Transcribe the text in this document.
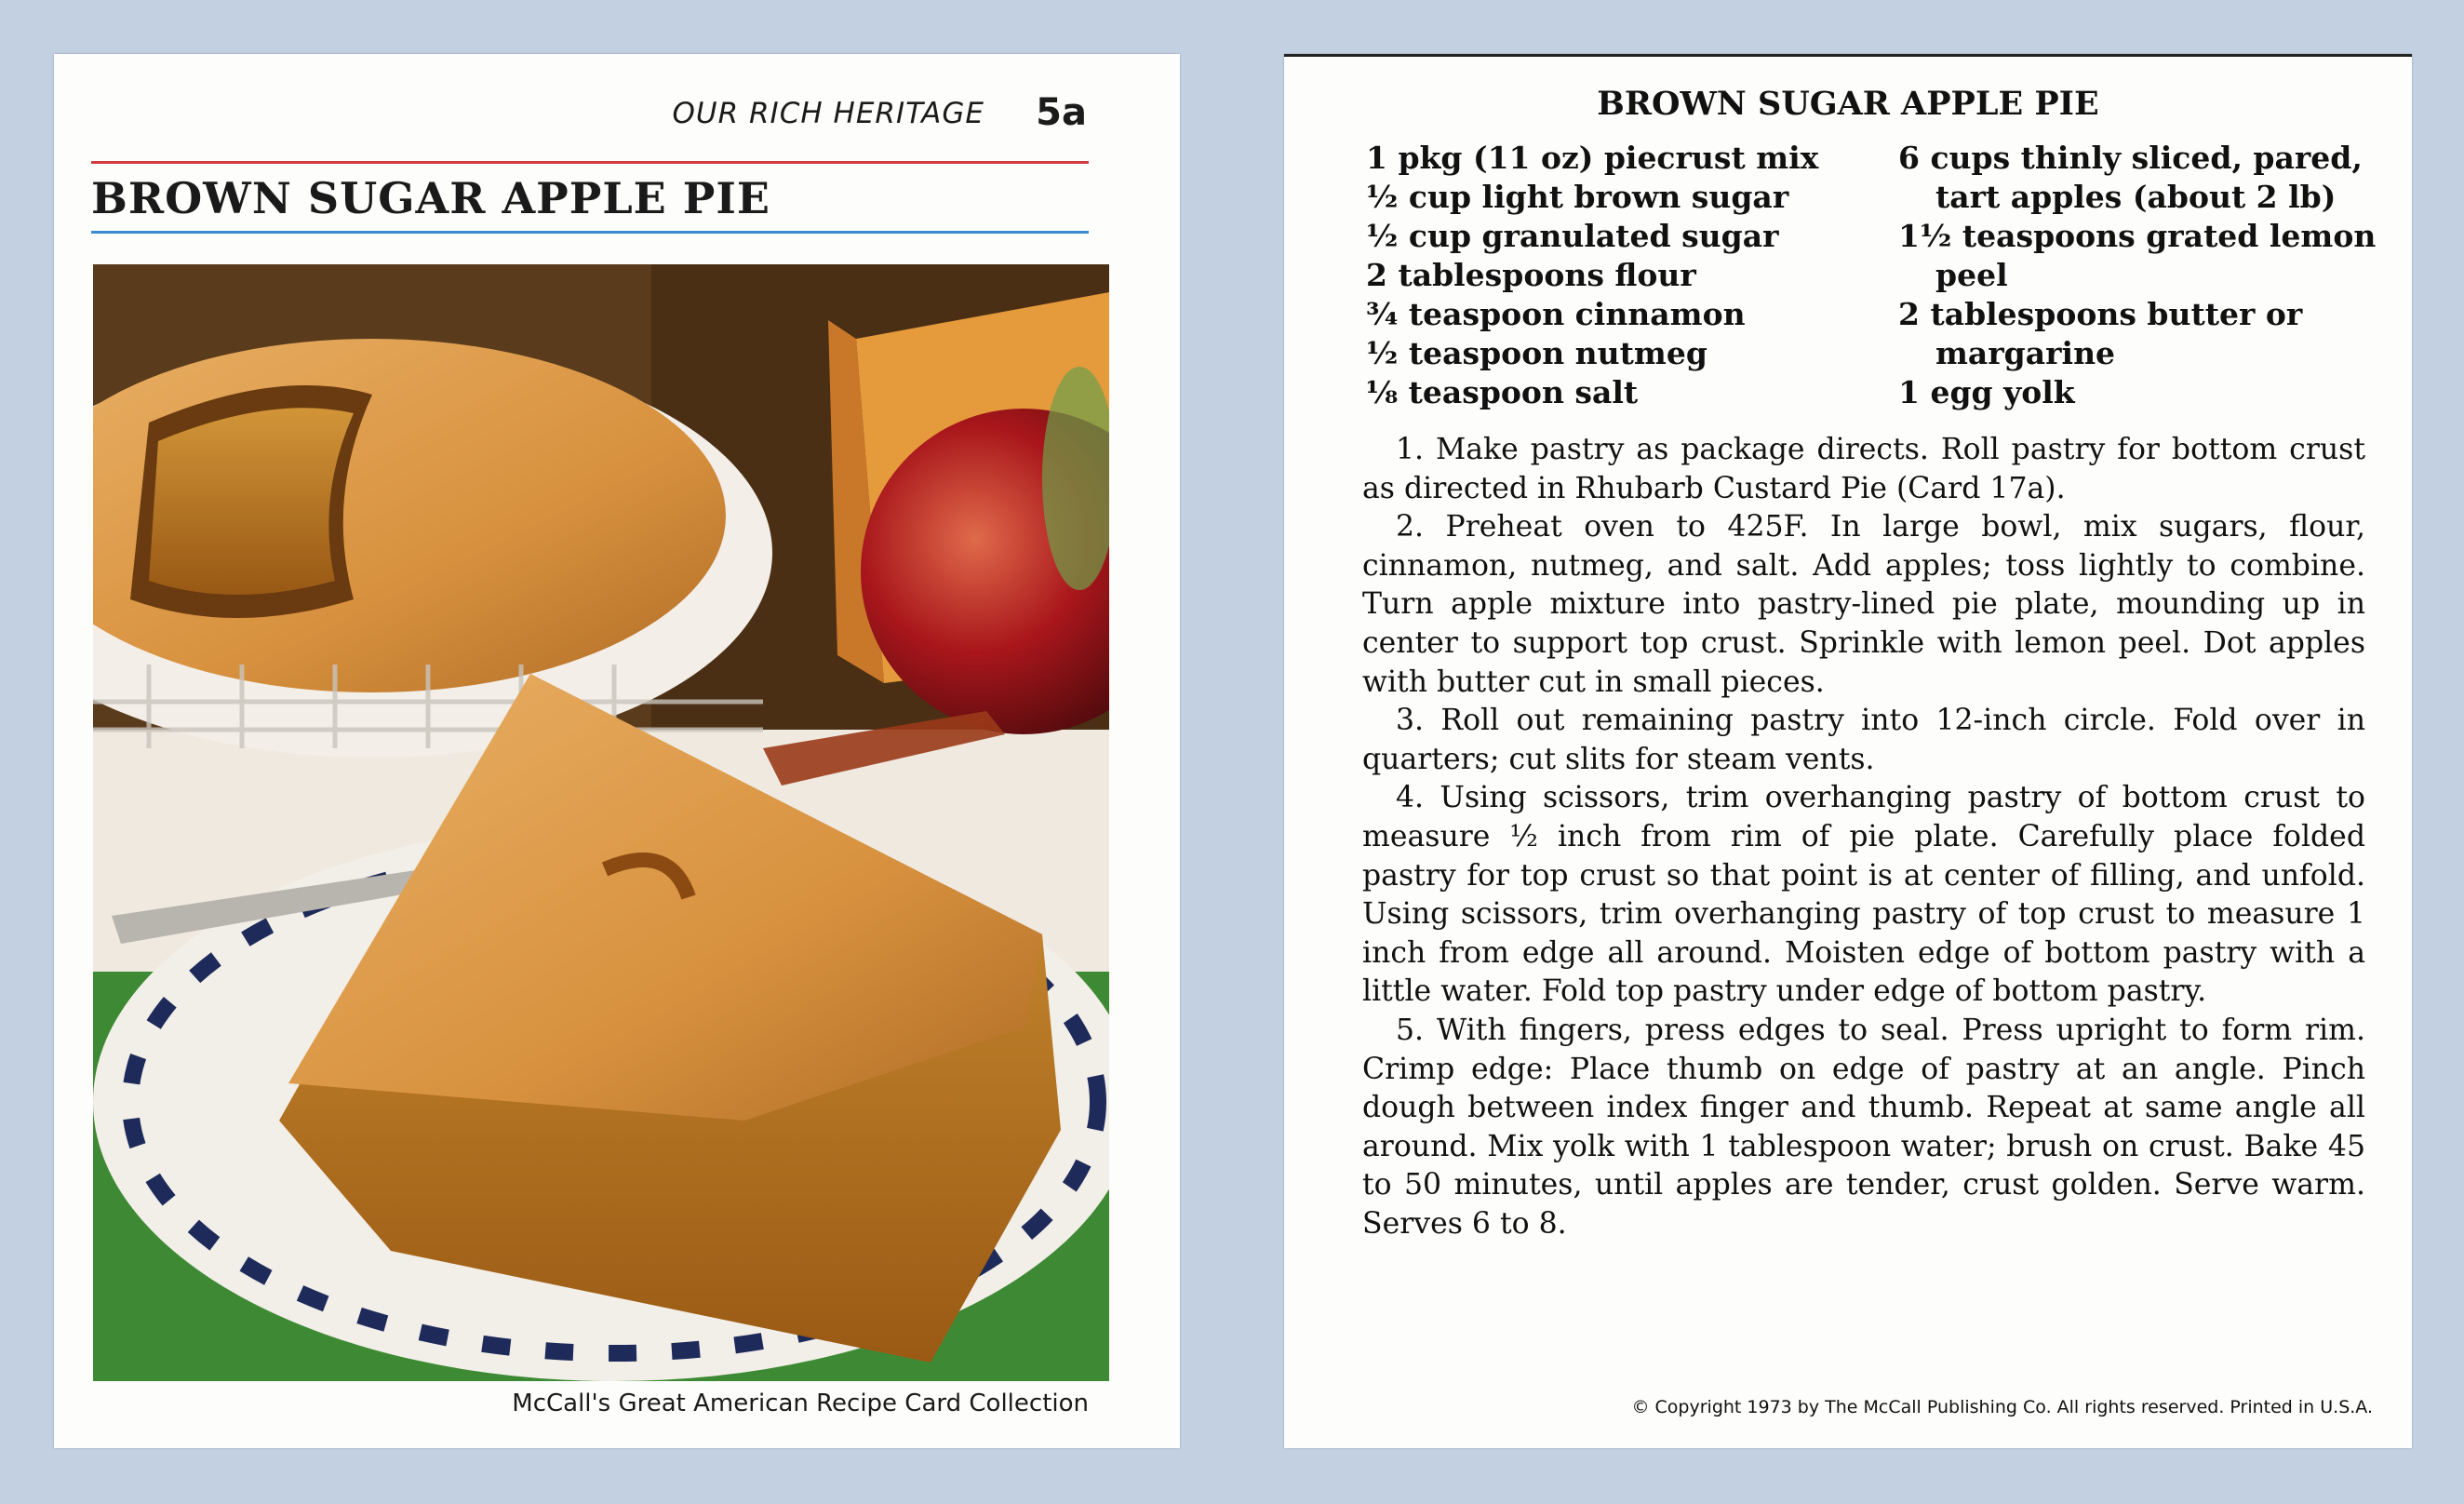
OUR RICH HERITAGE 5a
BROWN SUGAR APPLE PIE
McCall's Great American Recipe Card Collection
BROWN SUGAR APPLE PIE
1 pkg (11 oz) piecrust mix
½ cup light brown sugar
½ cup granulated sugar
2 tablespoons flour
¾ teaspoon cinnamon
½ teaspoon nutmeg
⅛ teaspoon salt
6 cups thinly sliced, pared,
tart apples (about 2 lb)
1½ teaspoons grated lemon
peel
2 tablespoons butter or
margarine
1 egg yolk

1. Make pastry as package directs. Roll pastry for bottom crust as directed in Rhubarb Custard Pie (Card 17a).

2. Preheat oven to 425F. In large bowl, mix sugars, flour, cinnamon, nutmeg, and salt. Add apples; toss lightly to combine. Turn apple mixture into pastry-lined pie plate, mounding up in center to support top crust. Sprinkle with lemon peel. Dot apples with butter cut in small pieces.

3. Roll out remaining pastry into 12-inch circle. Fold over in quarters; cut slits for steam vents.

4. Using scissors, trim overhanging pastry of bottom crust to measure ½ inch from rim of pie plate. Carefully place folded pastry for top crust so that point is at center of filling, and unfold. Using scissors, trim overhanging pastry of top crust to measure 1 inch from edge all around. Moisten edge of bottom pastry with a little water. Fold top pastry under edge of bottom pastry.

5. With fingers, press edges to seal. Press upright to form rim. Crimp edge: Place thumb on edge of pastry at an angle. Pinch dough between index finger and thumb. Repeat at same angle all around. Mix yolk with 1 tablespoon water; brush on crust. Bake 45 to 50 minutes, until apples are tender, crust golden. Serve warm. Serves 6 to 8.

© Copyright 1973 by The McCall Publishing Co. All rights reserved. Printed in U.S.A.
